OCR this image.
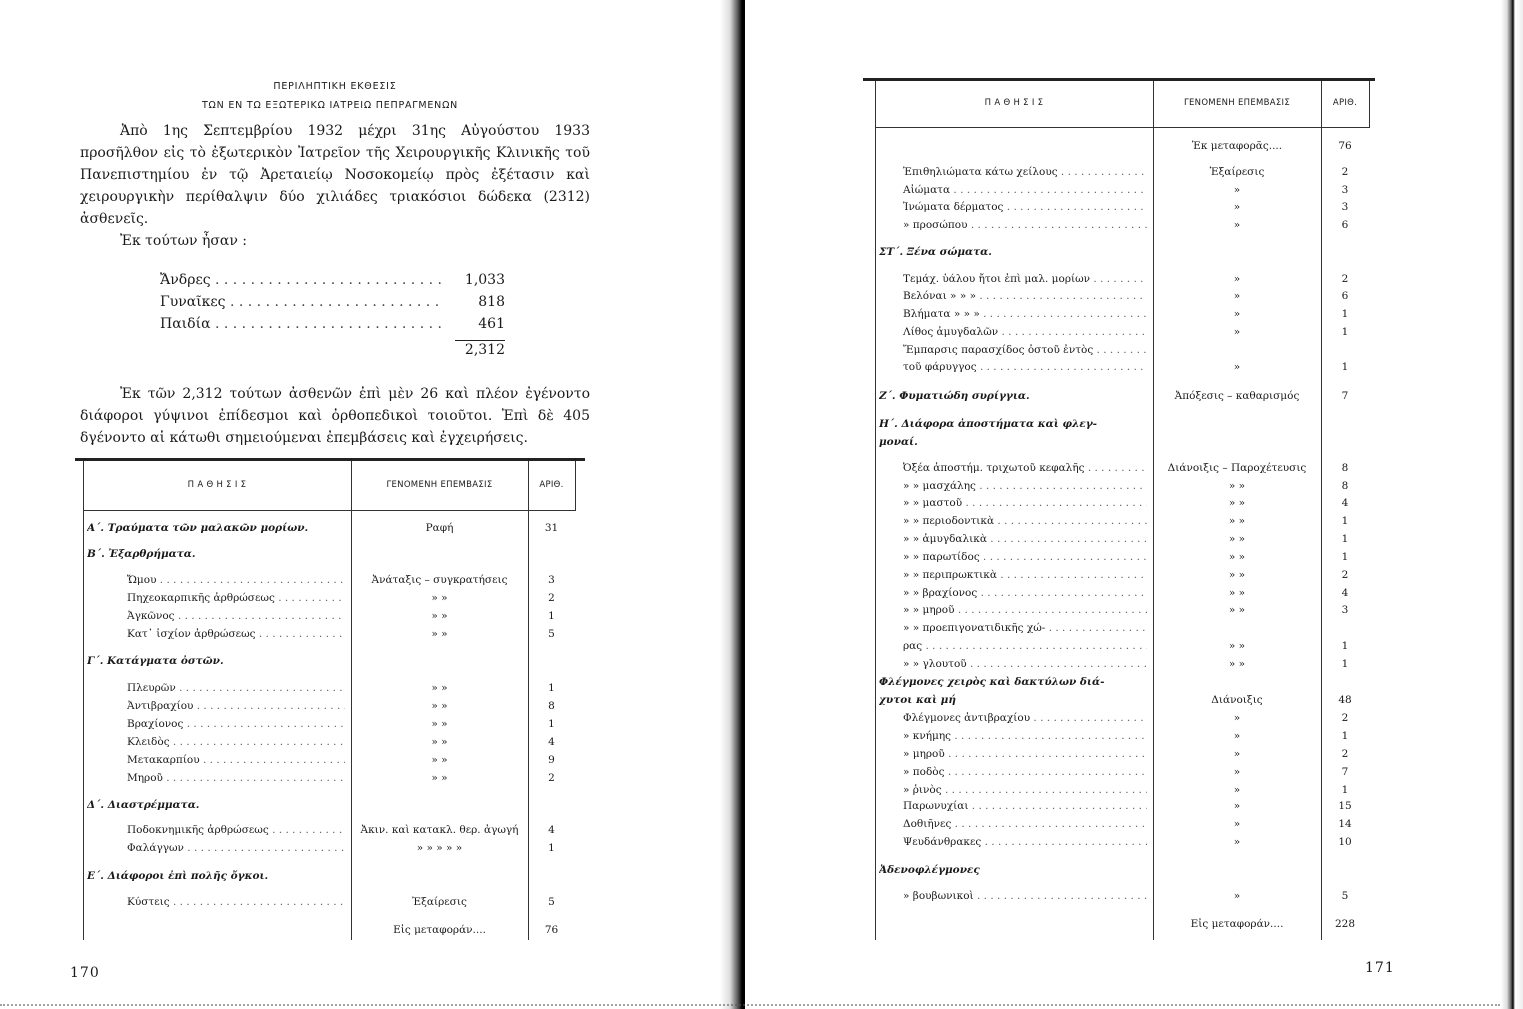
ΠΕΡΙΛΗΠΤΙΚΗ ΕΚΘΕΣΙΣ
ΤΩΝ ΕΝ ΤΩ ΕΞΩΤΕΡΙΚΩ ΙΑΤΡΕΙΩ ΠΕΠΡΑΓΜΕΝΩΝ
Ἀπὸ 1ης Σεπτεμβρίου 1932 μέχρι 31ης Αὐγούστου 1933 προσῆλθον εἰς τὸ ἐξωτερικὸν Ἰατρεῖον τῆς Χειρουργικῆς Κλινικῆς τοῦ Πανεπιστημίου ἐν τῷ Ἀρεταιείῳ Νοσοκομείῳ πρὸς ἐξέτασιν καὶ χειρουργικὴν περίθαλψιν δύο χιλιάδες τριακόσιοι δώδεκα (2312) ἀσθενεῖς.
Ἐκ τούτων ἦσαν :
Ἄνδρες . . .	1,033
Γυναῖκες . . .	818
Παιδία . . .	461
2,312
Ἐκ τῶν 2,312 τούτων ἀσθενῶν ἐπὶ μὲν 26 καὶ πλέον ἐγένοντο διάφοροι γύψινοι ἐπίδεσμοι καὶ ὀρθοπεδικοὶ τοιοῦτοι. Ἐπὶ δὲ 405 δγένοντο αἱ κάτωθι σημειούμεναι ἐπεμβάσεις καὶ ἐγχειρήσεις.
Π Α Θ Η Σ Ι Σ	ΓΕΝΟΜΕΝΗ ΕΠΕΜΒΑΣΙΣ	ΑΡΙΘ.
Α΄. Τραύματα τῶν μαλακῶν μορίων.	Ραφή	31
Β΄. Ἐξαρθρήματα.
Ὤμου . . .	Ἀνάταξις – συγκρατήσεις	3
Πηχεοκαρπικῆς ἀρθρώσεως . . .	» »	2
Ἀγκῶνος . . .	» »	1
Κατ᾿ ἰσχίον ἀρθρώσεως . . .	» »	5
Γ΄. Κατάγματα ὀστῶν.
Πλευρῶν . . .	» »	1
Ἀντιβραχίου . . .	» »	8
Βραχίονος . . .	» »	1
Κλειδὸς . . .	» »	4
Μετακαρπίου . . .	» »	9
Μηροῦ . . .	» »	2
Δ΄. Διαστρέμματα.
Ποδοκνημικῆς ἀρθρώσεως . . .	Ἀκιν. καὶ κατακλ. θερ. ἀγωγή	4
Φαλάγγων . . .	» » » » »	1
Ε΄. Διάφοροι ἐπὶ πολῆς ὄγκοι.
Κύστεις . . .	Ἐξαίρεσις	5
Εἰς μεταφοράν....	76
170
Π Α Θ Η Σ Ι Σ	ΓΕΝΟΜΕΝΗ ΕΠΕΜΒΑΣΙΣ	ΑΡΙΘ.
Ἐκ μεταφορᾶς....	76
Ἐπιθηλιώματα κάτω χείλους . . .	Ἐξαίρεσις	2
Αἰώματα . . .	»	3
Ἰνώματα δέρματος . . .	»	3
» προσώπου . . .	»	6
ΣΤ΄. Ξένα σώματα.
Τεμάχ. ὑάλου ἤτοι ἐπὶ μαλ. μορίων . . .	»	2
Βελόναι » » » . . .	»	6
Βλήματα » » » . . .	»	1
Λίθος ἀμυγδαλῶν . . .	»	1
Ἔμπαρσις παρασχίδος ὀστοῦ ἐντὸς . . .
τοῦ φάρυγγος . . .	»	1
Ζ΄. Φυματιώδη συρίγγια.	Ἀπόξεσις – καθαρισμός	7
Η΄. Διάφορα ἀποστήματα καὶ φλεγ-
μοναί.
Ὀξέα ἀποστήμ. τριχωτοῦ κεφαλῆς . . .	Διάνοιξις – Παροχέτευσις	8
» » μασχάλης . . .	» »	8
» » μαστοῦ . . .	» »	4
» » περιοδοντικὰ . . .	» »	1
» » ἀμυγδαλικὰ . . .	» »	1
» » παρωτίδος . . .	» »	1
» » περιπρωκτικὰ . . .	» »	2
» » βραχίονος . . .	» »	4
» » μηροῦ . . .	» »	3
» » προεπιγονατιδικῆς χώ- . . .
ρας . . .	» »	1
» » γλουτοῦ . . .	» »	1
Φλέγμονες χειρὸς καὶ δακτύλων διά-
χυτοι καὶ μή	Διάνοιξις	48
Φλέγμονες ἀντιβραχίου . . .	»	2
» κνήμης . . .	»	1
» μηροῦ . . .	»	2
» ποδὸς . . .	»	7
» ῥινὸς . . .	»	1
Παρωνυχίαι . . .	»	15
Δοθιῆνες . . .	»	14
Ψευδάνθρακες . . .	»	10
Ἀδενοφλέγμονες
» βουβωνικοὶ . . .	»	5
Εἰς μεταφοράν....	228
171
